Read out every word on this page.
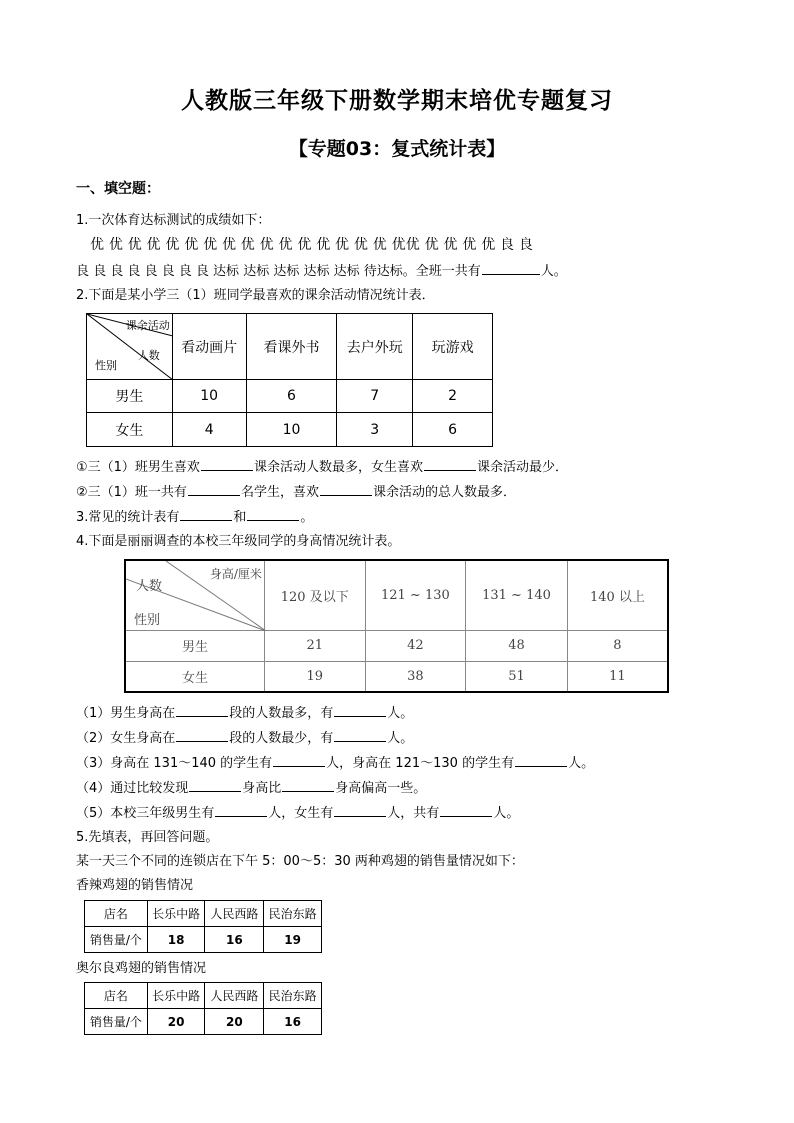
人教版三年级下册数学期末培优专题复习
【专题03：复式统计表】
一、填空题：
1.一次体育达标测试的成绩如下：
优 优 优 优 优 优 优 优 优 优 优 优 优 优 优 优 优优 优 优 优 优 良 良
良 良 良 良 良 良 良 良 达标 达标 达标 达标 达标 待达标。全班一共有	人。
2.下面是某小学三（1）班同学最喜欢的课余活动情况统计表．
课余活动
人数
性别	看动画片	看课外书	去户外玩	玩游戏
男生	10	6	7	2
女生	4	10	3	6
①三（1）班男生喜欢	课余活动人数最多，女生喜欢	课余活动最少．
②三（1）班一共有	名学生，喜欢	课余活动的总人数最多．
3.常见的统计表有	和	。
4.下面是丽丽调查的本校三年级同学的身高情况统计表。
身高/厘米
人数
性别	120 及以下	121 ~ 130	131 ~ 140	140 以上
男生	21	42	48	8
女生	19	38	51	11
（1）男生身高在	段的人数最多，有	人。
（2）女生身高在	段的人数最少，有	人。
（3）身高在 131～140 的学生有	人，身高在 121～130 的学生有	人。
（4）通过比较发现	身高比	身高偏高一些。
（5）本校三年级男生有	人，女生有	人，共有	人。
5.先填表，再回答问题。
某一天三个不同的连锁店在下午 5：00～5：30 两种鸡翅的销售量情况如下：
香辣鸡翅的销售情况
店名	长乐中路	人民西路	民治东路
销售量/个	18	16	19
奥尔良鸡翅的销售情况
店名	长乐中路	人民西路	民治东路
销售量/个	20	20	16
